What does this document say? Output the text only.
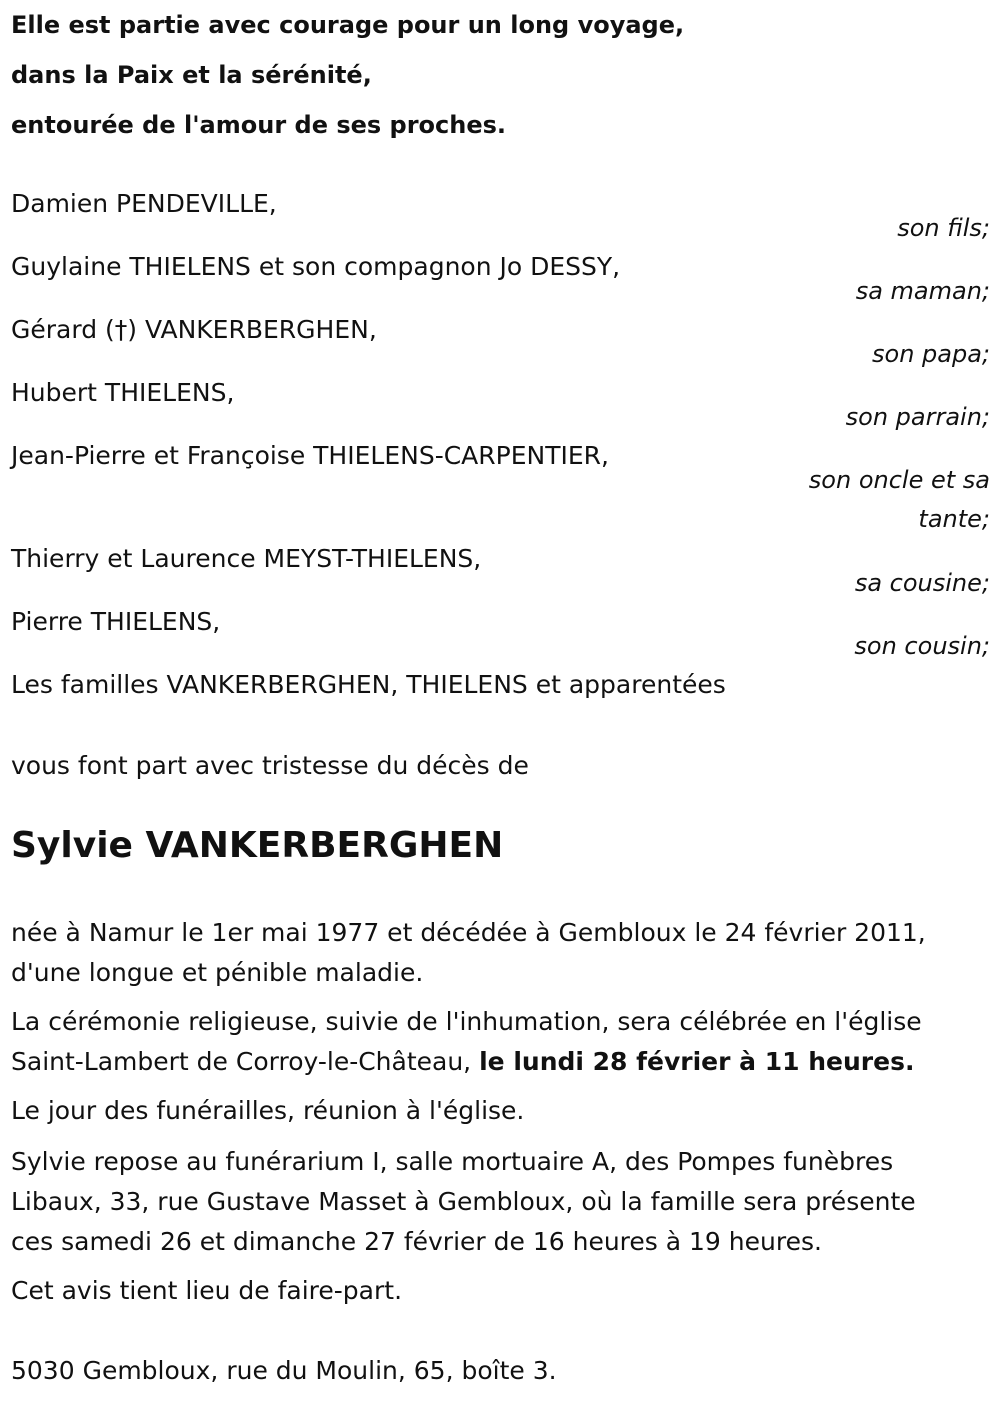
Elle est partie avec courage pour un long voyage,
dans la Paix et la sérénité,
entourée de l'amour de ses proches.
Damien PENDEVILLE,
son fils;
Guylaine THIELENS et son compagnon Jo DESSY,
sa maman;
Gérard (†) VANKERBERGHEN,
son papa;
Hubert THIELENS,
son parrain;
Jean-Pierre et Françoise THIELENS-CARPENTIER,
son oncle et sa
tante;
Thierry et Laurence MEYST-THIELENS,
sa cousine;
Pierre THIELENS,
son cousin;
Les familles VANKERBERGHEN, THIELENS et apparentées
vous font part avec tristesse du décès de
Sylvie VANKERBERGHEN
née à Namur le 1er mai 1977 et décédée à Gembloux le 24 février 2011,
d'une longue et pénible maladie.
La cérémonie religieuse, suivie de l'inhumation, sera célébrée en l'église
Saint-Lambert de Corroy-le-Château, le lundi 28 février à 11 heures.
Le jour des funérailles, réunion à l'église.
Sylvie repose au funérarium I, salle mortuaire A, des Pompes funèbres
Libaux, 33, rue Gustave Masset à Gembloux, où la famille sera présente
ces samedi 26 et dimanche 27 février de 16 heures à 19 heures.
Cet avis tient lieu de faire-part.
5030 Gembloux, rue du Moulin, 65, boîte 3.
